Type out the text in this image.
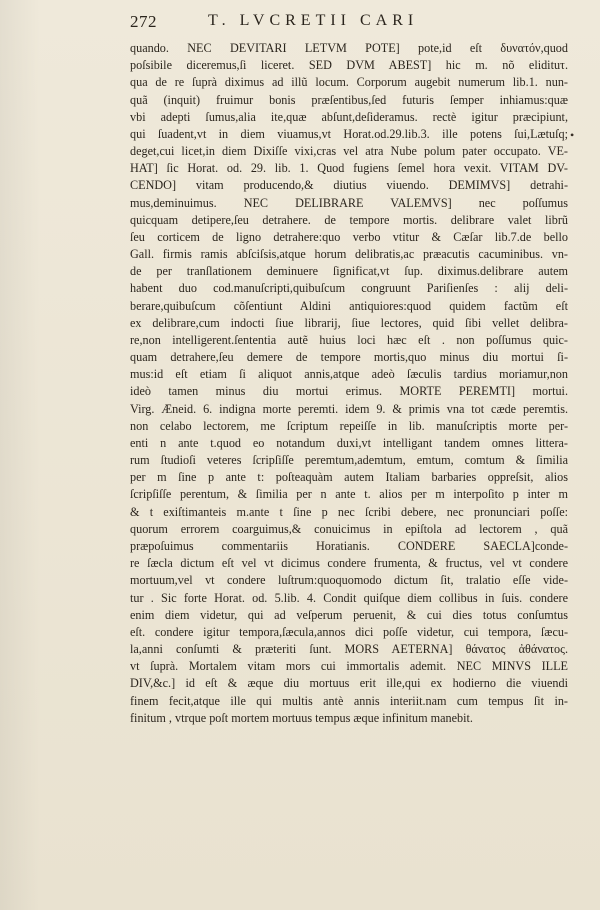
272	T. LVCRETII CARI
•
quando. NEC DEVITARI LETVM POTE] pote,id eſt δυνατόν,quod
poſsibile diceremus,ſi liceret. SED DVM ABEST] hic m. nõ elidituτ.
qua de re ſuprà diximus ad illũ locum. Corporum augebit numerum lib.1. nun-
quã (inquit) fruimur bonis præſentibus,ſed futuris ſemper inhiamus:quæ
vbi adepti ſumus,alia ite,quæ abſunt,deſideramus. rectè igitur præcipiunt,
qui ſuadent,vt in diem viuamus,vt Horat.od.29.lib.3. ille potens ſui,Lætuſq;
deget,cui licet,in diem Dixiſſe vixi,cras vel atra Nube polum pater occupato. VE-
HAT] ſic Horat. od. 29. lib. 1. Quod fugiens ſemel hora vexit. VITAM DV-
CENDO] vitam producendo,& diutius viuendo. DEMIMVS] detrahi-
mus,deminuimus. NEC DELIBRARE VALEMVS] nec poſſumus
quicquam detipere,ſeu detrahere. de tempore mortis. delibrare valet librũ
ſeu corticem de ligno detrahere:quo verbo vtitur & Cæſar lib.7.de bello
Gall. firmis ramis abſciſsis,atque horum delibratis,ac præacutis cacuminibus. vn-
de per tranſlationem deminuere ſignificat,vt ſup. diximus.delibrare autem
habent duo cod.manuſcripti,quibuſcum congruunt Pariſienſes : alij deli-
berare,quibuſcum cõſentiunt Aldini antiquiores:quod quidem factũm eſt
ex delibrare,cum indocti ſiue librarij, ſiue lectores, quid ſibi vellet delibra-
re,non intelligerent.ſententia autẽ huius loci hæc eſt . non poſſumus quic-
quam detrahere,ſeu demere de tempore mortis,quo minus diu mortui ſi-
mus:id eſt etiam ſi aliquot annis,atque adeò ſæculis tardius moriamur,non
ideò tamen minus diu mortui erimus. MORTE PEREMTI] mortui.
Virg. Æneid. 6. indigna morte peremti. idem 9. & primis vna tot cæde peremtis.
non celabo lectorem, me ſcriptum repeiſſe in lib. manuſcriptis morte per-
enti n ante t.quod eo notandum duxi,vt intelligant tandem omnes littera-
rum ſtudioſi veteres ſcripſiſſe peremtum,ademtum, emtum, comtum & ſimilia
per m ſine p ante t: poſteaquàm autem Italiam barbaries oppreſsit, alios
ſcripſiſſe perentum, & ſimilia per n ante t. alios per m interpoſito p inter m
& t exiſtimanteis m.ante t ſine p nec ſcribi debere, nec pronunciari poſſe:
quorum errorem coarguimus,& conuicimus in epiſtola ad lectorem , quã
præpoſuimus commentariis Horatianis. CONDERE SAECLA]conde-
re ſæcla dictum eſt vel vt dicimus condere frumenta, & fructus, vel vt condere
mortuum,vel vt condere luſtrum:quoquomodo dictum ſit, tralatio eſſe vide-
tur . Sic forte Horat. od. 5.lib. 4. Condit quiſque diem collibus in ſuis. condere
enim diem videtur, qui ad veſperum peruenit, & cui dies totus conſumtus
eſt. condere igitur tempora,ſæcula,annos dici poſſe videtur, cui tempora, ſæcu-
la,anni conſumti & præteriti ſunt. MORS AETERNA] θάνατος ἀθάνατος.
vt ſuprà. Mortalem vitam mors cui immortalis ademit. NEC MINVS ILLE
DIV,&c.] id eſt & æque diu mortuus erit ille,qui ex hodierno die viuendi
finem fecit,atque ille qui multis antè annis interiit.nam cum tempus ſit in-
finitum , vtrque poſt mortem mortuus tempus æque infinitum manebit.
